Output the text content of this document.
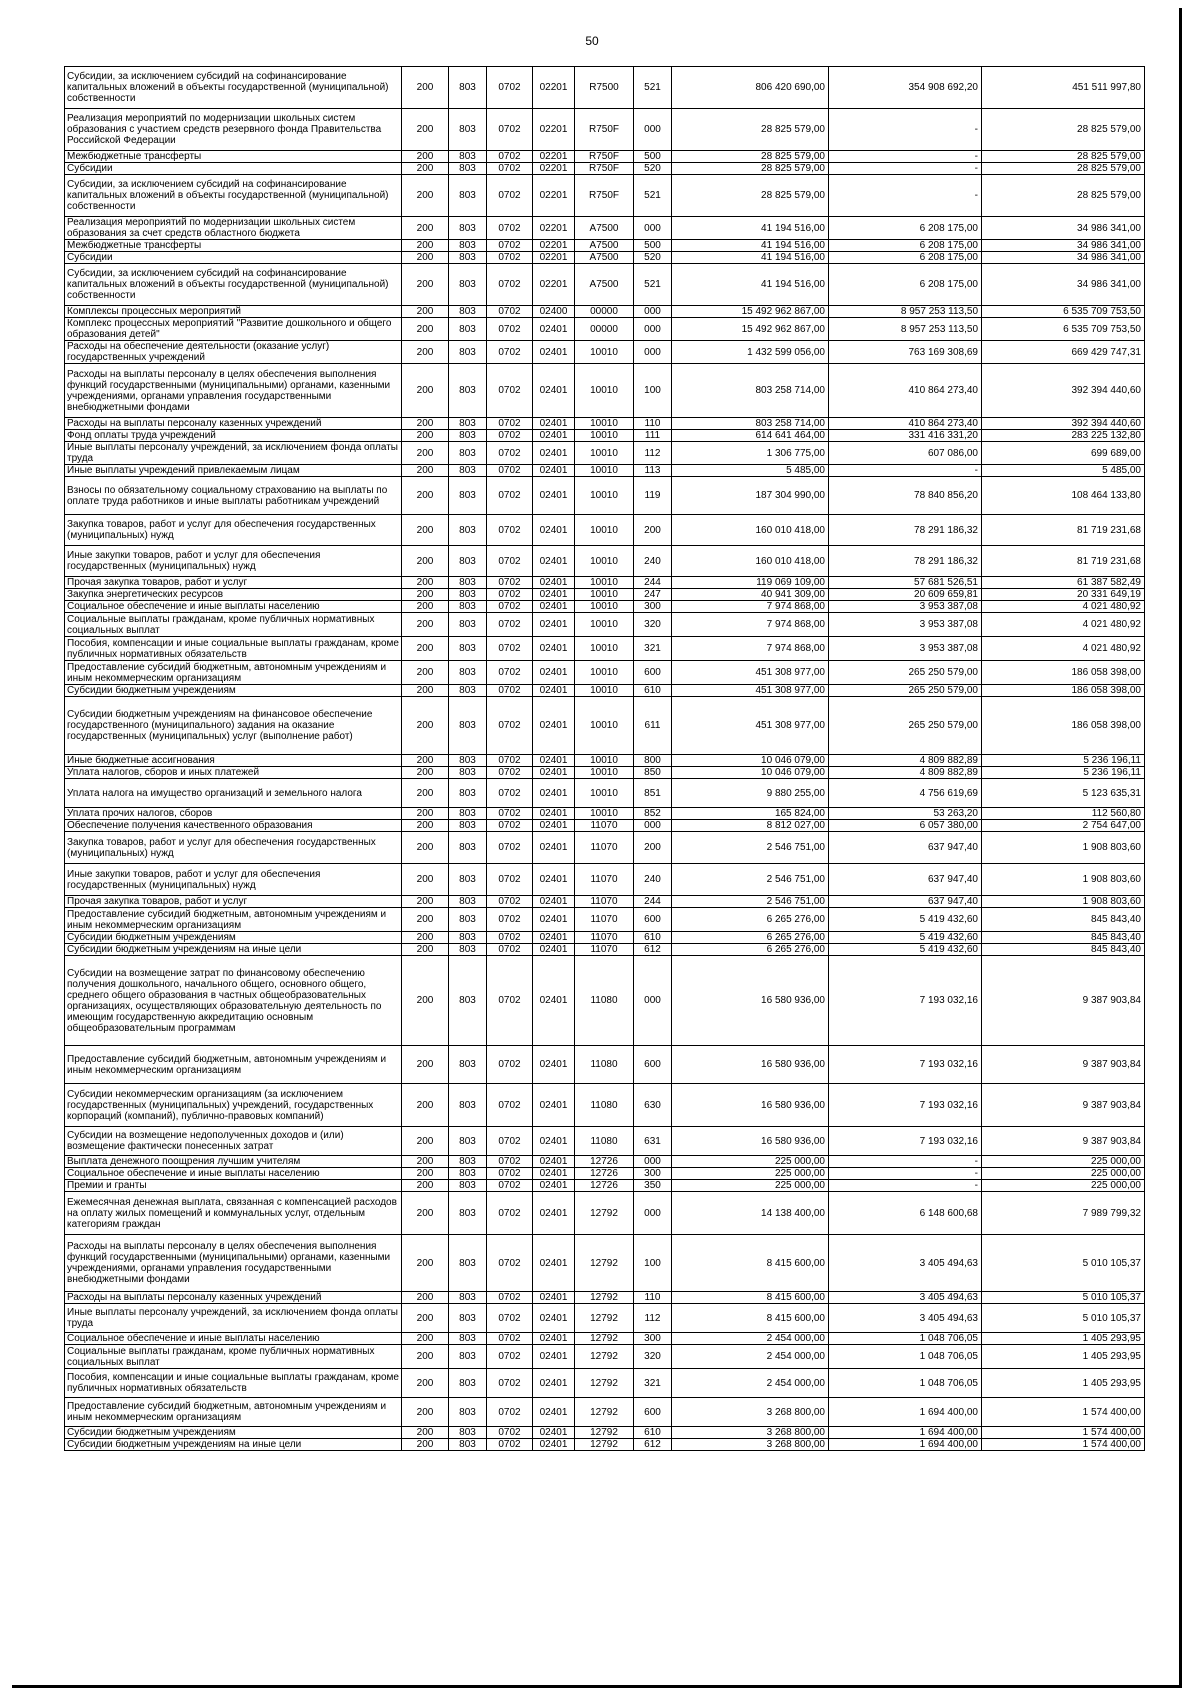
50
Субсидии, за исключением субсидий на софинансирование капитальных вложений в объекты государственной (муниципальной) собственности	200	803	0702	02201	R7500	521	806 420 690,00	354 908 692,20	451 511 997,80
Реализация мероприятий по модернизации школьных систем образования с участием средств резервного фонда Правительства Российской Федерации	200	803	0702	02201	R750F	000	28 825 579,00	-	28 825 579,00
Межбюджетные трансферты	200	803	0702	02201	R750F	500	28 825 579,00	-	28 825 579,00
Субсидии	200	803	0702	02201	R750F	520	28 825 579,00	-	28 825 579,00
Субсидии, за исключением субсидий на софинансирование капитальных вложений в объекты государственной (муниципальной) собственности	200	803	0702	02201	R750F	521	28 825 579,00	-	28 825 579,00
Реализация мероприятий по модернизации школьных систем образования за счет средств областного бюджета	200	803	0702	02201	A7500	000	41 194 516,00	6 208 175,00	34 986 341,00
Межбюджетные трансферты	200	803	0702	02201	A7500	500	41 194 516,00	6 208 175,00	34 986 341,00
Субсидии	200	803	0702	02201	A7500	520	41 194 516,00	6 208 175,00	34 986 341,00
Субсидии, за исключением субсидий на софинансирование капитальных вложений в объекты государственной (муниципальной) собственности	200	803	0702	02201	A7500	521	41 194 516,00	6 208 175,00	34 986 341,00
Комплексы процессных мероприятий	200	803	0702	02400	00000	000	15 492 962 867,00	8 957 253 113,50	6 535 709 753,50
Комплекс процессных мероприятий "Развитие дошкольного и общего образования детей"	200	803	0702	02401	00000	000	15 492 962 867,00	8 957 253 113,50	6 535 709 753,50
Расходы на обеспечение деятельности (оказание услуг) государственных учреждений	200	803	0702	02401	10010	000	1 432 599 056,00	763 169 308,69	669 429 747,31
Расходы на выплаты персоналу в целях обеспечения выполнения функций государственными (муниципальными) органами, казенными учреждениями, органами управления государственными внебюджетными фондами	200	803	0702	02401	10010	100	803 258 714,00	410 864 273,40	392 394 440,60
Расходы на выплаты персоналу казенных учреждений	200	803	0702	02401	10010	110	803 258 714,00	410 864 273,40	392 394 440,60
Фонд оплаты труда учреждений	200	803	0702	02401	10010	111	614 641 464,00	331 416 331,20	283 225 132,80
Иные выплаты персоналу учреждений, за исключением фонда оплаты труда	200	803	0702	02401	10010	112	1 306 775,00	607 086,00	699 689,00
Иные выплаты учреждений привлекаемым лицам	200	803	0702	02401	10010	113	5 485,00	-	5 485,00
Взносы по обязательному социальному страхованию на выплаты по оплате труда работников и иные выплаты работникам учреждений	200	803	0702	02401	10010	119	187 304 990,00	78 840 856,20	108 464 133,80
Закупка товаров, работ и услуг для обеспечения государственных (муниципальных) нужд	200	803	0702	02401	10010	200	160 010 418,00	78 291 186,32	81 719 231,68
Иные закупки товаров, работ и услуг для обеспечения государственных (муниципальных) нужд	200	803	0702	02401	10010	240	160 010 418,00	78 291 186,32	81 719 231,68
Прочая закупка товаров, работ и услуг	200	803	0702	02401	10010	244	119 069 109,00	57 681 526,51	61 387 582,49
Закупка энергетических ресурсов	200	803	0702	02401	10010	247	40 941 309,00	20 609 659,81	20 331 649,19
Социальное обеспечение и иные выплаты населению	200	803	0702	02401	10010	300	7 974 868,00	3 953 387,08	4 021 480,92
Социальные выплаты гражданам, кроме публичных нормативных социальных выплат	200	803	0702	02401	10010	320	7 974 868,00	3 953 387,08	4 021 480,92
Пособия, компенсации и иные социальные выплаты гражданам, кроме публичных нормативных обязательств	200	803	0702	02401	10010	321	7 974 868,00	3 953 387,08	4 021 480,92
Предоставление субсидий бюджетным, автономным учреждениям и иным некоммерческим организациям	200	803	0702	02401	10010	600	451 308 977,00	265 250 579,00	186 058 398,00
Субсидии бюджетным учреждениям	200	803	0702	02401	10010	610	451 308 977,00	265 250 579,00	186 058 398,00
Субсидии бюджетным учреждениям на финансовое обеспечение государственного (муниципального) задания на оказание государственных (муниципальных) услуг (выполнение работ)	200	803	0702	02401	10010	611	451 308 977,00	265 250 579,00	186 058 398,00
Иные бюджетные ассигнования	200	803	0702	02401	10010	800	10 046 079,00	4 809 882,89	5 236 196,11
Уплата налогов, сборов и иных платежей	200	803	0702	02401	10010	850	10 046 079,00	4 809 882,89	5 236 196,11
Уплата налога на имущество организаций и земельного налога	200	803	0702	02401	10010	851	9 880 255,00	4 756 619,69	5 123 635,31
Уплата прочих налогов, сборов	200	803	0702	02401	10010	852	165 824,00	53 263,20	112 560,80
Обеспечение получения качественного образования	200	803	0702	02401	11070	000	8 812 027,00	6 057 380,00	2 754 647,00
Закупка товаров, работ и услуг для обеспечения государственных (муниципальных) нужд	200	803	0702	02401	11070	200	2 546 751,00	637 947,40	1 908 803,60
Иные закупки товаров, работ и услуг для обеспечения государственных (муниципальных) нужд	200	803	0702	02401	11070	240	2 546 751,00	637 947,40	1 908 803,60
Прочая закупка товаров, работ и услуг	200	803	0702	02401	11070	244	2 546 751,00	637 947,40	1 908 803,60
Предоставление субсидий бюджетным, автономным учреждениям и иным некоммерческим организациям	200	803	0702	02401	11070	600	6 265 276,00	5 419 432,60	845 843,40
Субсидии бюджетным учреждениям	200	803	0702	02401	11070	610	6 265 276,00	5 419 432,60	845 843,40
Субсидии бюджетным учреждениям на иные цели	200	803	0702	02401	11070	612	6 265 276,00	5 419 432,60	845 843,40
Субсидии на возмещение затрат по финансовому обеспечению получения дошкольного, начального общего, основного общего, среднего общего образования в частных общеобразовательных организациях, осуществляющих образовательную деятельность по имеющим государственную аккредитацию основным общеобразовательным программам	200	803	0702	02401	11080	000	16 580 936,00	7 193 032,16	9 387 903,84
Предоставление субсидий бюджетным, автономным учреждениям и иным некоммерческим организациям	200	803	0702	02401	11080	600	16 580 936,00	7 193 032,16	9 387 903,84
Субсидии некоммерческим организациям (за исключением государственных (муниципальных) учреждений, государственных корпораций (компаний), публично-правовых компаний)	200	803	0702	02401	11080	630	16 580 936,00	7 193 032,16	9 387 903,84
Субсидии на возмещение недополученных доходов и (или) возмещение фактически понесенных затрат	200	803	0702	02401	11080	631	16 580 936,00	7 193 032,16	9 387 903,84
Выплата денежного поощрения лучшим учителям	200	803	0702	02401	12726	000	225 000,00	-	225 000,00
Социальное обеспечение и иные выплаты населению	200	803	0702	02401	12726	300	225 000,00	-	225 000,00
Премии и гранты	200	803	0702	02401	12726	350	225 000,00	-	225 000,00
Ежемесячная денежная выплата, связанная с компенсацией расходов на оплату жилых помещений и коммунальных услуг, отдельным категориям граждан	200	803	0702	02401	12792	000	14 138 400,00	6 148 600,68	7 989 799,32
Расходы на выплаты персоналу в целях обеспечения выполнения функций государственными (муниципальными) органами, казенными учреждениями, органами управления государственными внебюджетными фондами	200	803	0702	02401	12792	100	8 415 600,00	3 405 494,63	5 010 105,37
Расходы на выплаты персоналу казенных учреждений	200	803	0702	02401	12792	110	8 415 600,00	3 405 494,63	5 010 105,37
Иные выплаты персоналу учреждений, за исключением фонда оплаты труда	200	803	0702	02401	12792	112	8 415 600,00	3 405 494,63	5 010 105,37
Социальное обеспечение и иные выплаты населению	200	803	0702	02401	12792	300	2 454 000,00	1 048 706,05	1 405 293,95
Социальные выплаты гражданам, кроме публичных нормативных социальных выплат	200	803	0702	02401	12792	320	2 454 000,00	1 048 706,05	1 405 293,95
Пособия, компенсации и иные социальные выплаты гражданам, кроме публичных нормативных обязательств	200	803	0702	02401	12792	321	2 454 000,00	1 048 706,05	1 405 293,95
Предоставление субсидий бюджетным, автономным учреждениям и иным некоммерческим организациям	200	803	0702	02401	12792	600	3 268 800,00	1 694 400,00	1 574 400,00
Субсидии бюджетным учреждениям	200	803	0702	02401	12792	610	3 268 800,00	1 694 400,00	1 574 400,00
Субсидии бюджетным учреждениям на иные цели	200	803	0702	02401	12792	612	3 268 800,00	1 694 400,00	1 574 400,00
